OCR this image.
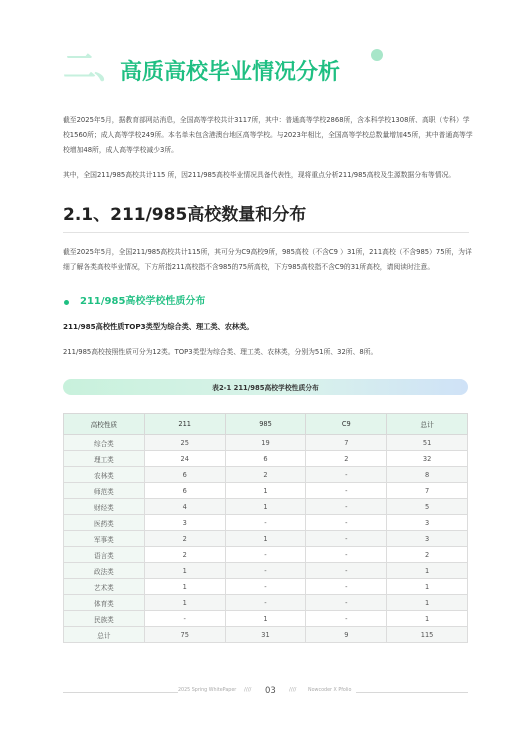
二、
高质高校毕业情况分析

截至2025年5月，据教育部网站消息，全国高等学校共计3117所，其中：普通高等学校2868所，含本科学校1308所、高职（专科）学校1560所；成人高等学校249所。本名单未包含港澳台地区高等学校。与2023年相比，全国高等学校总数量增加45所，其中普通高等学校增加48所，成人高等学校减少3所。

其中，全国211/985高校共计115 所，因211/985高校毕业情况具备代表性，现将重点分析211/985高校及生源数据分布等情况。

2.1、211/985高校数量和分布

截至2025年5月，全国211/985高校共计115所，其可分为C9高校9所，985高校（不含C9 ）31所，211高校（不含985）75所，为详细了解各类高校毕业情况，下方所指211高校指不含985的75所高校，下方985高校指不含C9的31所高校，请阅读时注意。

211/985高校学校性质分布
211/985高校性质TOP3类型为综合类、理工类、农林类。
211/985高校按照性质可分为12类。TOP3类型为综合类、理工类、农林类，分别为51所、32所、8所。
表2-1 211/985高校学校性质分布
高校性质	211	985	C9	总计
综合类	25	19	7	51
理工类	24	6	2	32
农林类	6	2	-	8
师范类	6	1	-	7
财经类	4	1	-	5
医药类	3	-	-	3
军事类	2	1	-	3
语言类	2	-	-	2
政法类	1	-	-	1
艺术类	1	-	-	1
体育类	1	-	-	1
民族类	-	1	-	1
总计	75	31	9	115
2025 Spring WhitePaper //// 03 //// Nowcoder X Pfolio
